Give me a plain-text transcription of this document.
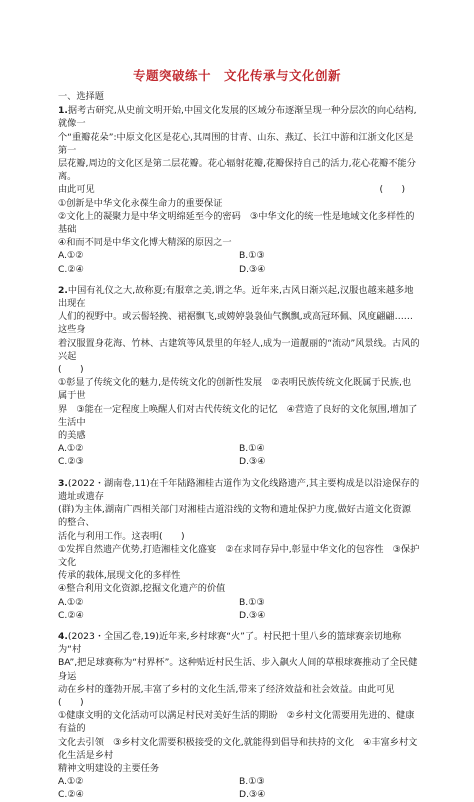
专题突破练十　文化传承与文化创新
一、选择题

1.据考古研究,从史前文明开始,中国文化发展的区域分布逐渐呈现一种分层次的向心结构,就像一

个“重瓣花朵”:中原文化区是花心,其周围的甘青、山东、燕辽、长江中游和江浙文化区是第一

层花瓣,周边的文化区是第二层花瓣。花心辐射花瓣,花瓣保持自己的活力,花心花瓣不能分离。

由此可见　　　　　　　　　　　　　　　　　　　　　　　　　　　　　　　(　　)

①创新是中华文化永葆生命力的重要保证

②文化上的凝聚力是中华文明绵延至今的密码　③中华文化的统一性是地域文化多样性的基础

④和而不同是中华文化博大精深的原因之一

A.①②	B.①③
C.②④	D.③④

2.中国有礼仪之大,故称夏;有服章之美,谓之华。近年来,古风日渐兴起,汉服也越来越多地出现在

人们的视野中。或云髻轻挽、裙裾飘飞,或娉婷袅袅仙气飘飘,或高冠环佩、风度翩翩……这些身

着汉服置身花海、竹林、古建筑等风景里的年轻人,成为一道靓丽的“流动”风景线。古风的兴起

(　　)

①彰显了传统文化的魅力,是传统文化的创新性发展　②表明民族传统文化既属于民族,也属于世

界　③能在一定程度上唤醒人们对古代传统文化的记忆　④营造了良好的文化氛围,增加了生活中

的美感

A.①②	B.①④
C.②③	D.③④

3.(2022・湖南卷,11)在千年陆路湘桂古道作为文化线路遗产,其主要构成是以沿途保存的遗址或遗存

(群)为主体,湖南广西相关部门对湘桂古道沿线的文物和遗址保护力度,做好古道文化资源的整合、

活化与利用工作。这表明(　　)

①发挥自然遗产优势,打造湘桂文化盛宴　②在求同存异中,彰显中华文化的包容性　③保护文化

传承的载体,展现文化的多样性

④整合利用文化资源,挖掘文化遗产的价值

A.①②	B.①③
C.②④	D.③④

4.(2023・全国乙卷,19)近年来,乡村球赛“火”了。村民把十里八乡的篮球赛亲切地称为“村

BA”,把足球赛称为“村界杯”。这种贴近村民生活、步入飙火人间的草根球赛推动了全民健身运

动在乡村的蓬勃开展,丰富了乡村的文化生活,带来了经济效益和社会效益。由此可见(　　)

①健康文明的文化活动可以满足村民对美好生活的期盼　②乡村文化需要用先进的、健康有益的

文化去引领　③乡村文化需要积极接受的文化,就能得到倡导和扶持的文化　④丰富乡村文化生活是乡村

精神文明建设的主要任务

A.①②	B.①③
C.②④	D.③④
